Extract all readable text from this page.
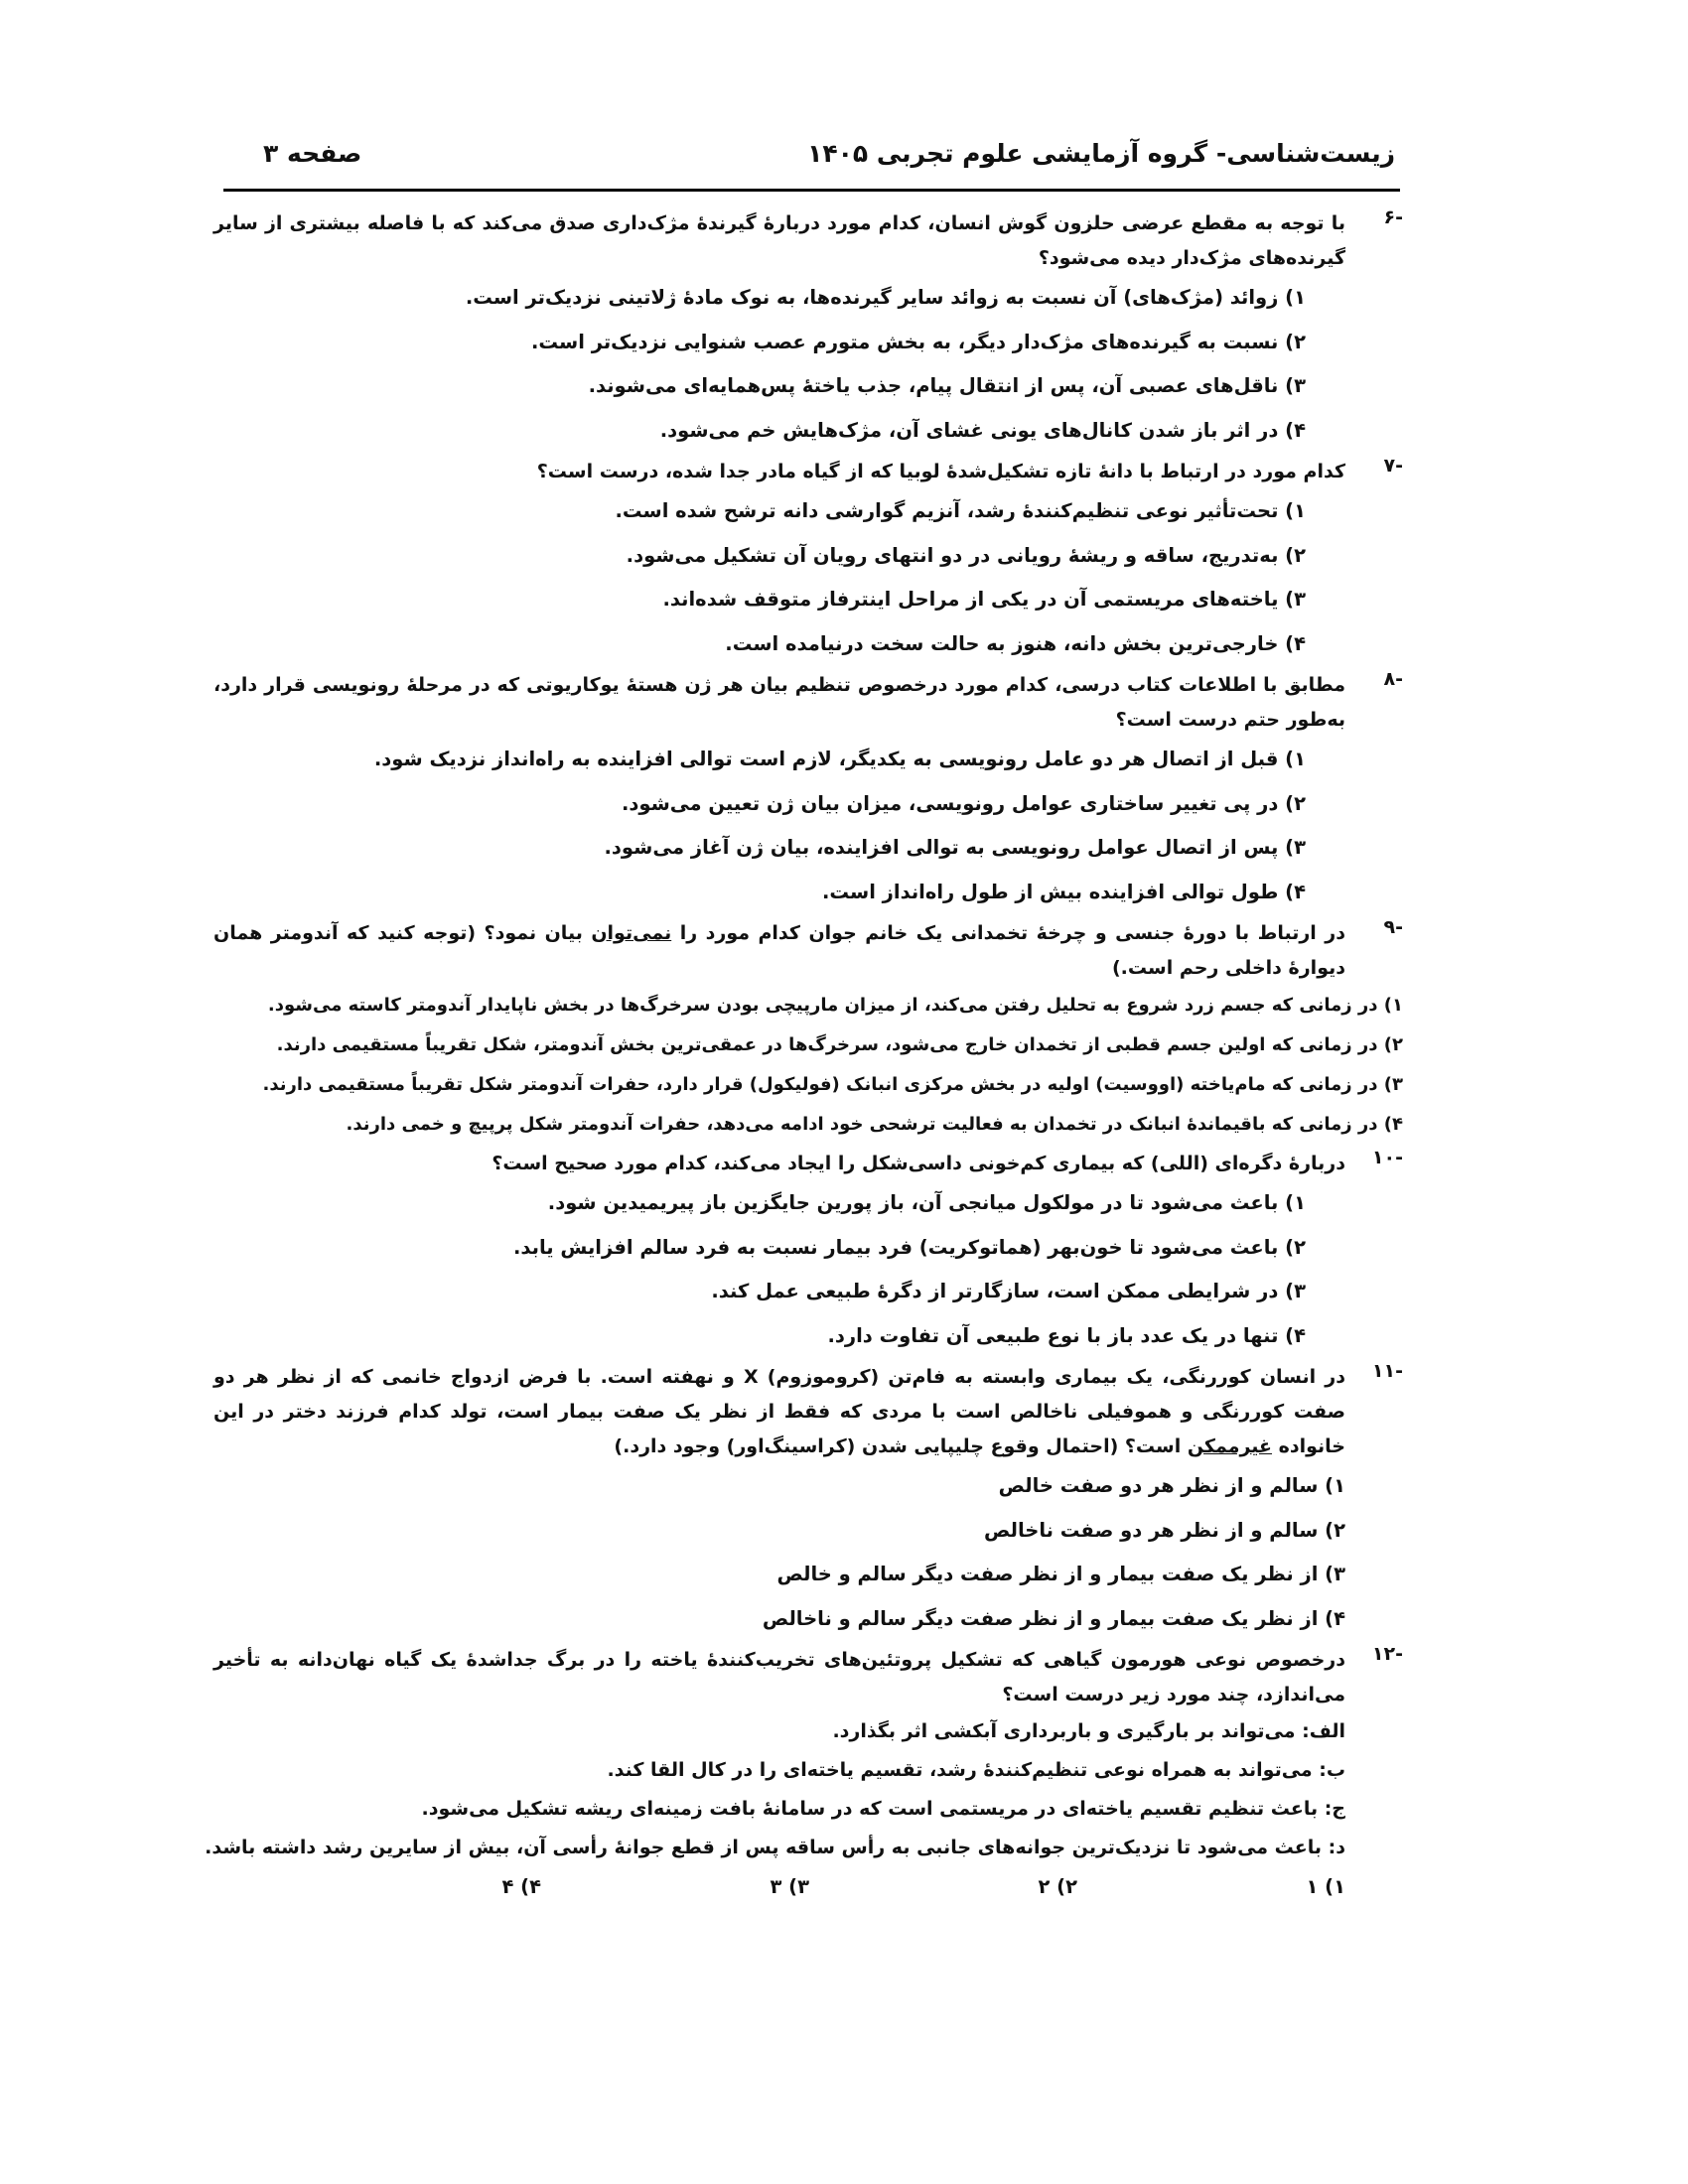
زیست‌شناسی- گروه آزمایشی علوم تجربی ۱۴۰۵
صفحه ۳
-۶
با توجه به مقطع عرضی حلزون گوش انسان، کدام مورد دربارهٔ گیرندهٔ مژک‌داری صدق می‌کند که با فاصله بیشتری از سایر گیرنده‌های مژک‌دار دیده می‌شود؟
۱) زوائد (مژک‌های) آن نسبت به زوائد سایر گیرنده‌ها، به نوک مادهٔ ژلاتینی نزدیک‌تر است.
۲) نسبت به گیرنده‌های مژک‌دار دیگر، به بخش متورم عصب شنوایی نزدیک‌تر است.
۳) ناقل‌های عصبی آن، پس از انتقال پیام، جذب یاختهٔ پس‌همایه‌ای می‌شوند.
۴) در اثر باز شدن کانال‌های یونی غشای آن، مژک‌هایش خم می‌شود.
-۷
کدام مورد در ارتباط با دانهٔ تازه تشکیل‌شدهٔ لوبیا که از گیاه مادر جدا شده، درست است؟
۱) تحت‌تأثیر نوعی تنظیم‌کنندهٔ رشد، آنزیم گوارشی دانه ترشح شده است.
۲) به‌تدریج، ساقه و ریشهٔ رویانی در دو انتهای رویان آن تشکیل می‌شود.
۳) یاخته‌های مریستمی آن در یکی از مراحل اینترفاز متوقف شده‌اند.
۴) خارجی‌ترین بخش دانه، هنوز به حالت سخت درنیامده است.
-۸
مطابق با اطلاعات کتاب درسی، کدام مورد درخصوص تنظیم بیان هر ژن هستهٔ یوکاریوتی که در مرحلهٔ رونویسی قرار دارد، به‌طور حتم درست است؟
۱) قبل از اتصال هر دو عامل رونویسی به یکدیگر، لازم است توالی افزاینده به راه‌انداز نزدیک شود.
۲) در پی تغییر ساختاری عوامل رونویسی، میزان بیان ژن تعیین می‌شود.
۳) پس از اتصال عوامل رونویسی به توالی افزاینده، بیان ژن آغاز می‌شود.
۴) طول توالی افزاینده بیش از طول راه‌انداز است.
-۹
در ارتباط با دورهٔ جنسی و چرخهٔ تخمدانی یک خانم جوان کدام مورد را نمی‌توان بیان نمود؟ (توجه کنید که آندومتر همان دیوارهٔ داخلی رحم است.)
۱) در زمانی که جسم زرد شروع به تحلیل رفتن می‌کند، از میزان مارپیچی بودن سرخرگ‌ها در بخش ناپایدار آندومتر کاسته می‌شود.
۲) در زمانی که اولین جسم قطبی از تخمدان خارج می‌شود، سرخرگ‌ها در عمقی‌ترین بخش آندومتر، شکل تقریباً مستقیمی دارند.
۳) در زمانی که مام‌یاخته (اووسیت) اولیه در بخش مرکزی انبانک (فولیکول) قرار دارد، حفرات آندومتر شکل تقریباً مستقیمی دارند.
۴) در زمانی که باقیماندهٔ انبانک در تخمدان به فعالیت ترشحی خود ادامه می‌دهد، حفرات آندومتر شکل پرپیچ و خمی دارند.
-۱۰
دربارهٔ دگره‌ای (اللی) که بیماری کم‌خونی داسی‌شکل را ایجاد می‌کند، کدام مورد صحیح است؟
۱) باعث می‌شود تا در مولکول میانجی آن، باز پورین جایگزین باز پیریمیدین شود.
۲) باعث می‌شود تا خون‌بهر (هماتوکریت) فرد بیمار نسبت به فرد سالم افزایش یابد.
۳) در شرایطی ممکن است، سازگارتر از دگرهٔ طبیعی عمل کند.
۴) تنها در یک عدد باز با نوع طبیعی آن تفاوت دارد.
-۱۱
در انسان کوررنگی، یک بیماری وابسته به فام‌تن (کروموزوم) X و نهفته است. با فرض ازدواج خانمی که از نظر هر دو صفت کوررنگی و هموفیلی ناخالص است با مردی که فقط از نظر یک صفت بیمار است، تولد کدام فرزند دختر در این خانواده غیرممکن است؟ (احتمال وقوع چلیپایی شدن (کراسینگ‌اور) وجود دارد.)
۱) سالم و از نظر هر دو صفت خالص
۲) سالم و از نظر هر دو صفت ناخالص
۳) از نظر یک صفت بیمار و از نظر صفت دیگر سالم و خالص
۴) از نظر یک صفت بیمار و از نظر صفت دیگر سالم و ناخالص
-۱۲
درخصوص نوعی هورمون گیاهی که تشکیل پروتئین‌های تخریب‌کنندهٔ یاخته را در برگ جداشدهٔ یک گیاه نهان‌دانه به تأخیر می‌اندازد، چند مورد زیر درست است؟
الف: می‌تواند بر بارگیری و باربرداری آبکشی اثر بگذارد.
ب: می‌تواند به همراه نوعی تنظیم‌کنندهٔ رشد، تقسیم یاخته‌ای را در کال القا کند.
ج: باعث تنظیم تقسیم یاخته‌ای در مریستمی است که در سامانهٔ بافت زمینه‌ای ریشه تشکیل می‌شود.
د: باعث می‌شود تا نزدیک‌ترین جوانه‌های جانبی به رأس ساقه پس از قطع جوانهٔ رأسی آن، بیش از سایرین رشد داشته باشد.
۱) ۱
۲) ۲
۳) ۳
۴) ۴
